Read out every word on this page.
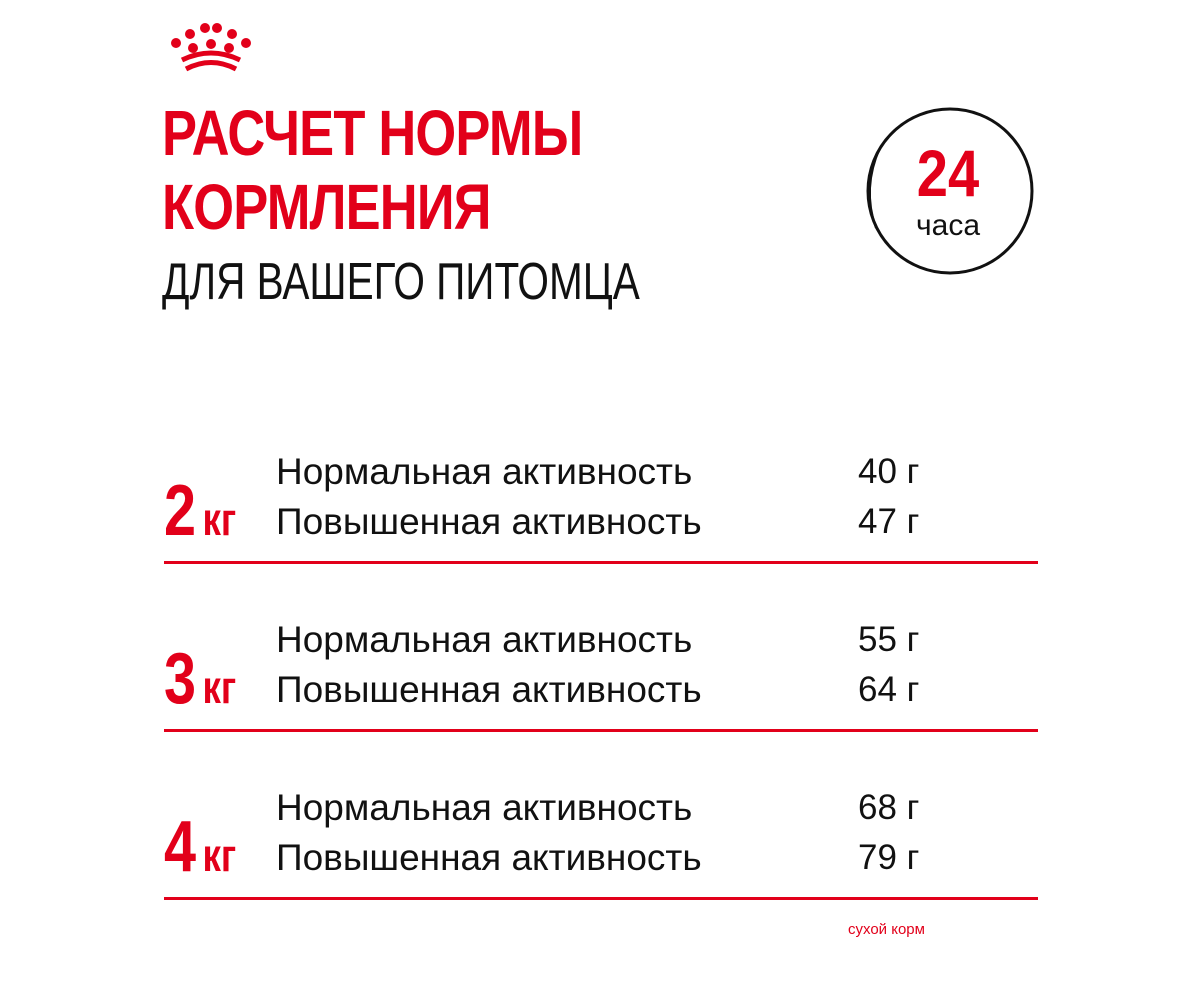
РАСЧЕТ НОРМЫ
КОРМЛЕНИЯ
ДЛЯ ВАШЕГО ПИТОМЦА
24
часа
2 кг
Нормальная активность	40 г
Повышенная активность	47 г
3 кг
Нормальная активность	55 г
Повышенная активность	64 г
4 кг
Нормальная активность	68 г
Повышенная активность	79 г
сухой корм
